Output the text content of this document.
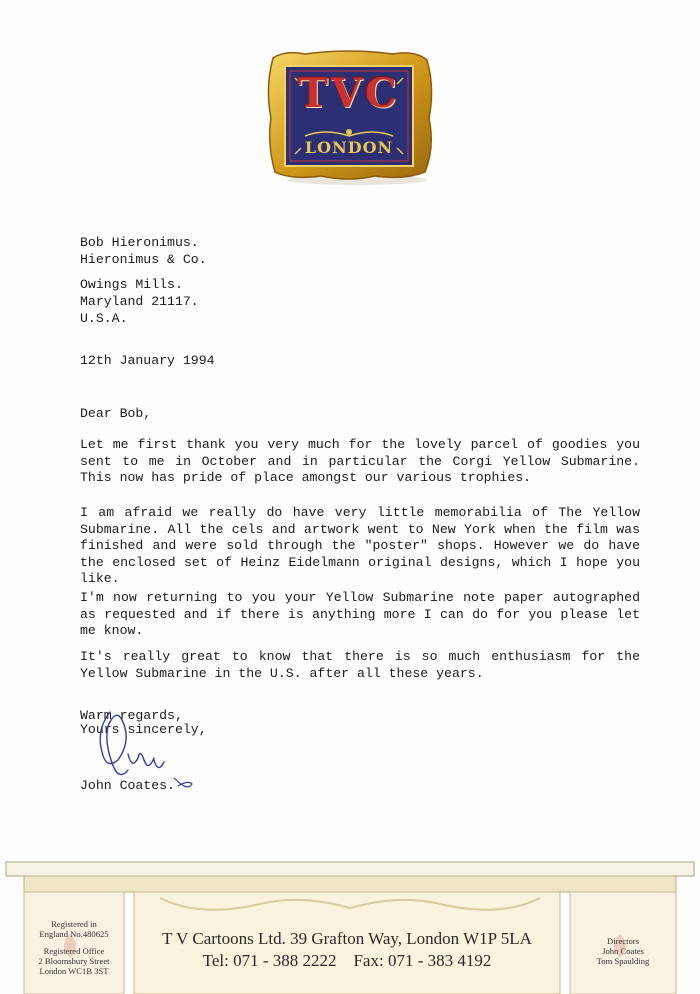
TVC
LONDON
Bob Hieronimus.
Hieronimus & Co.
Owings Mills.
Maryland 21117.
U.S.A.
12th January 1994
Dear Bob,
Let me first thank you very much for the lovely parcel of goodies you sent to me in October and in particular the Corgi Yellow Submarine. This now has pride of place amongst our various trophies.
I am afraid we really do have very little memorabilia of The Yellow Submarine. All the cels and artwork went to New York when the film was finished and were sold through the "poster" shops. However we do have the enclosed set of Heinz Eidelmann original designs, which I hope you like.
I'm now returning to you your Yellow Submarine note paper autographed as requested and if there is anything more I can do for you please let me know.
It's really great to know that there is so much enthusiasm for the Yellow Submarine in the U.S. after all these years.
Warm regards,
Yours sincerely,
John Coates.
Registered in
England No.480625
Registered Office
2 Bloomsbury Street
London WC1B 3ST
T V Cartoons Ltd. 39 Grafton Way, London W1P 5LA
Tel: 071 - 388 2222    Fax: 071 - 383 4192
Directors
John Coates
Tom Spaulding
